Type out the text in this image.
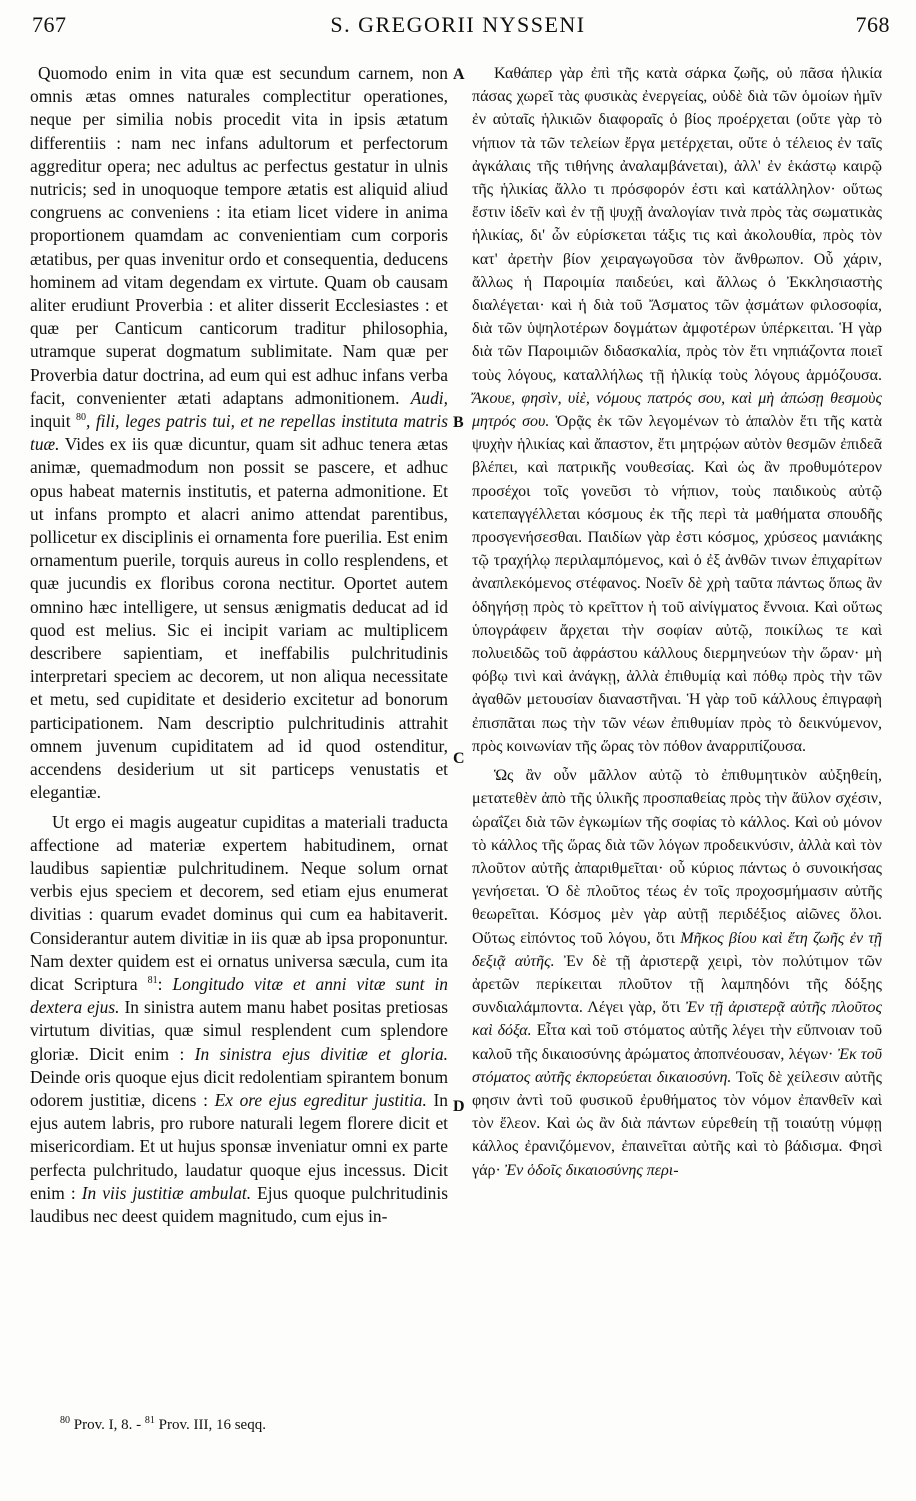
767	S. GREGORII NYSSENI	768
A
B
C
D

Quomodo enim in vita quæ est secundum carnem, non omnis ætas omnes naturales complectitur operationes, neque per similia nobis procedit vita in ipsis ætatum differentiis : nam nec infans adultorum et perfectorum aggreditur opera; nec adultus ac perfectus gestatur in ulnis nutricis; sed in unoquoque tempore ætatis est aliquid aliud congruens ac conveniens : ita etiam licet videre in anima proportionem quamdam ac convenientiam cum corporis ætatibus, per quas invenitur ordo et consequentia, deducens hominem ad vitam degendam ex virtute. Quam ob causam aliter erudiunt Proverbia : et aliter disserit Ecclesiastes : et quæ per Canticum canticorum traditur philosophia, utramque superat dogmatum sublimitate. Nam quæ per Proverbia datur doctrina, ad eum qui est adhuc infans verba facit, convenienter ætati adaptans admonitionem. Audi, inquit $^{80}$, fili, leges patris tui, et ne repellas instituta matris tuæ. Vides ex iis quæ dicuntur, quam sit adhuc tenera ætas animæ, quemadmodum non possit se pascere, et adhuc opus habeat maternis institutis, et paterna admonitione. Et ut infans prompto et alacri animo attendat parentibus, pollicetur ex disciplinis ei ornamenta fore puerilia. Est enim ornamentum puerile, torquis aureus in collo resplendens, et quæ jucundis ex floribus corona nectitur. Oportet autem omnino hæc intelligere, ut sensus ænigmatis deducat ad id quod est melius. Sic ei incipit variam ac multiplicem describere sapientiam, et ineffabilis pulchritudinis interpretari speciem ac decorem, ut non aliqua necessitate et metu, sed cupiditate et desiderio excitetur ad bonorum participationem. Nam descriptio pulchritudinis attrahit omnem juvenum cupiditatem ad id quod ostenditur, accendens desiderium ut sit particeps venustatis et elegantiæ.

Ut ergo ei magis augeatur cupiditas a materiali traducta affectione ad materiæ expertem habitudinem, ornat laudibus sapientiæ pulchritudinem. Neque solum ornat verbis ejus speciem et decorem, sed etiam ejus enumerat divitias : quarum evadet dominus qui cum ea habitaverit. Considerantur autem divitiæ in iis quæ ab ipsa proponuntur. Nam dexter quidem est ei ornatus universa sæcula, cum ita dicat Scriptura $^{81}$: Longitudo vitæ et anni vitæ sunt in dextera ejus. In sinistra autem manu habet positas pretiosas virtutum divitias, quæ simul resplendent cum splendore gloriæ. Dicit enim : In sinistra ejus divitiæ et gloria. Deinde oris quoque ejus dicit redolentiam spirantem bonum odorem justitiæ, dicens : Ex ore ejus egreditur justitia. In ejus autem labris, pro rubore naturali legem florere dicit et misericordiam. Et ut hujus sponsæ inveniatur omni ex parte perfecta pulchritudo, laudatur quoque ejus incessus. Dicit enim : In viis justitiæ ambulat. Ejus quoque pulchritudinis laudibus nec deest quidem magnitudo, cum ejus in-

Καθάπερ γὰρ ἐπὶ τῆς κατὰ σάρκα ζωῆς, οὐ πᾶσα ἡλικία πάσας χωρεῖ τὰς φυσικὰς ἐνεργείας, οὐδὲ διὰ τῶν ὁμοίων ἡμῖν ἐν αὐταῖς ἡλικιῶν διαφοραῖς ὁ βίος προέρχεται (οὔτε γὰρ τὸ νήπιον τὰ τῶν τελείων ἔργα μετέρχεται, οὔτε ὁ τέλειος ἐν ταῖς ἀγκάλαις τῆς τιθήνης ἀναλαμβάνεται), ἀλλ' ἐν ἑκάστῳ καιρῷ τῆς ἡλικίας ἄλλο τι πρόσφορόν ἐστι καὶ κατάλληλον· οὕτως ἔστιν ἰδεῖν καὶ ἐν τῇ ψυχῇ ἀναλογίαν τινὰ πρὸς τὰς σωματικὰς ἡλικίας, δι' ὧν εὑρίσκεται τάξις τις καὶ ἀκολουθία, πρὸς τὸν κατ' ἀρετὴν βίον χειραγωγοῦσα τὸν ἄνθρωπον. Οὗ χάριν, ἄλλως ἡ Παροιμία παιδεύει, καὶ ἄλλως ὁ Ἐκκλησιαστὴς διαλέγεται· καὶ ἡ διὰ τοῦ Ἄσματος τῶν ᾀσμάτων φιλοσοφία, διὰ τῶν ὑψηλοτέρων δογμάτων ἀμφοτέρων ὑπέρκειται. Ἡ γὰρ διὰ τῶν Παροιμιῶν διδασκαλία, πρὸς τὸν ἔτι νηπιάζοντα ποιεῖ τοὺς λόγους, καταλλήλως τῇ ἡλικίᾳ τοὺς λόγους ἁρμόζουσα. Ἄκουε, φησὶν, υἱὲ, νόμους πατρός σου, καὶ μὴ ἀπώσῃ θεσμοὺς μητρός σου. Ὁρᾷς ἐκ τῶν λεγομένων τὸ ἁπαλὸν ἔτι τῆς κατὰ ψυχὴν ἡλικίας καὶ ἄπαστον, ἔτι μητρῴων αὐτὸν θεσμῶν ἐπιδεᾶ βλέπει, καὶ πατρικῆς νουθεσίας. Καὶ ὡς ἂν προθυμότερον προσέχοι τοῖς γονεῦσι τὸ νήπιον, τοὺς παιδικοὺς αὐτῷ κατεπαγγέλλεται κόσμους ἐκ τῆς περὶ τὰ μαθήματα σπουδῆς προσγενήσεσθαι. Παιδίων γὰρ ἐστι κόσμος, χρύσεος μανιάκης τῷ τραχήλῳ περιλαμπόμενος, καὶ ὁ ἐξ ἀνθῶν τινων ἐπιχαρίτων ἀναπλεκόμενος στέφανος. Νοεῖν δὲ χρὴ ταῦτα πάντως ὅπως ἂν ὁδηγήσῃ πρὸς τὸ κρεῖττον ἡ τοῦ αἰνίγματος ἔννοια. Καὶ οὕτως ὑπογράφειν ἄρχεται τὴν σοφίαν αὐτῷ, ποικίλως τε καὶ πολυειδῶς τοῦ ἀφράστου κάλλους διερμηνεύων τὴν ὥραν· μὴ φόβῳ τινὶ καὶ ἀνάγκῃ, ἀλλὰ ἐπιθυμίᾳ καὶ πόθῳ πρὸς τὴν τῶν ἀγαθῶν μετουσίαν διαναστῆναι. Ἡ γὰρ τοῦ κάλλους ἐπιγραφὴ ἐπισπᾶται πως τὴν τῶν νέων ἐπιθυμίαν πρὸς τὸ δεικνύμενον, πρὸς κοινωνίαν τῆς ὥρας τὸν πόθον ἀναρριπίζουσα.

Ὡς ἂν οὖν μᾶλλον αὐτῷ τὸ ἐπιθυμητικὸν αὐξηθείη, μετατεθὲν ἀπὸ τῆς ὑλικῆς προσπαθείας πρὸς τὴν ἄϋλον σχέσιν, ὡραΐζει διὰ τῶν ἐγκωμίων τῆς σοφίας τὸ κάλλος. Καὶ οὐ μόνον τὸ κάλλος τῆς ὥρας διὰ τῶν λόγων προδεικνύσιν, ἀλλὰ καὶ τὸν πλοῦτον αὐτῆς ἀπαριθμεῖται· οὗ κύριος πάντως ὁ συνοικήσας γενήσεται. Ὁ δὲ πλοῦτος τέως ἐν τοῖς προχοσμήμασιν αὐτῆς θεωρεῖται. Κόσμος μὲν γὰρ αὐτῇ περιδέξιος αἰῶνες ὅλοι. Οὕτως εἰπόντος τοῦ λόγου, ὅτι Μῆκος βίου καὶ ἔτη ζωῆς ἐν τῇ δεξιᾷ αὐτῆς. Ἐν δὲ τῇ ἀριστερᾷ χειρὶ, τὸν πολύτιμον τῶν ἀρετῶν περίκειται πλοῦτον τῇ λαμπηδόνι τῆς δόξης συνδιαλάμποντα. Λέγει γὰρ, ὅτι Ἐν τῇ ἀριστερᾷ αὐτῆς πλοῦτος καὶ δόξα. Εἶτα καὶ τοῦ στόματος αὐτῆς λέγει τὴν εὔπνοιαν τοῦ καλοῦ τῆς δικαιοσύνης ἀρώματος ἀποπνέουσαν, λέγων· Ἐκ τοῦ στόματος αὐτῆς ἐκπορεύεται δικαιοσύνη. Τοῖς δὲ χείλεσιν αὐτῆς φησιν ἀντὶ τοῦ φυσικοῦ ἐρυθήματος τὸν νόμον ἐπανθεῖν καὶ τὸν ἔλεον. Καὶ ὡς ἂν διὰ πάντων εὑρεθείη τῇ τοιαύτῃ νύμφῃ κάλλος ἐρανιζόμενον, ἐπαινεῖται αὐτῆς καὶ τὸ βάδισμα. Φησὶ γάρ· Ἐν ὁδοῖς δικαιοσύνης περι-

$^{80}$ Prov. I, 8. - $^{81}$ Prov. III, 16 seqq.
